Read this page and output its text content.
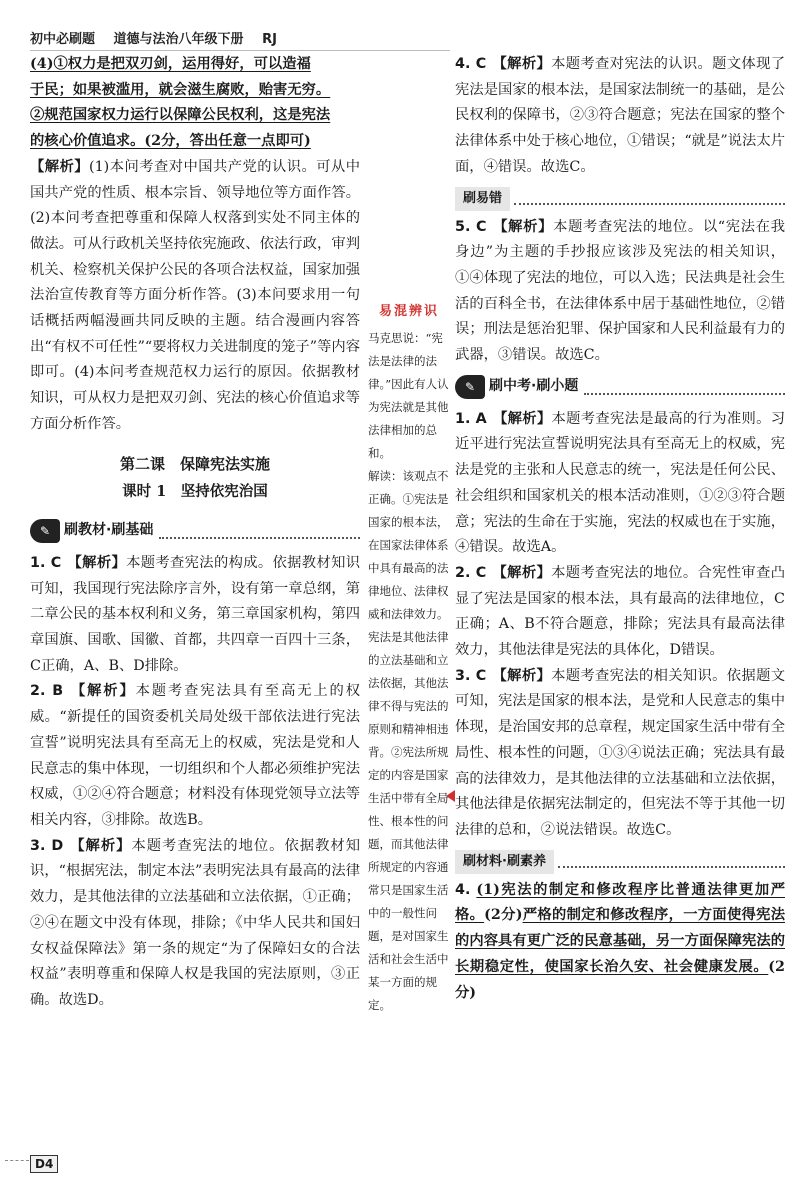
初中必刷题 道德与法治八年级下册 RJ

(4)①权力是把双刃剑，运用得好，可以造福

于民；如果被滥用，就会滋生腐败，贻害无穷。

②规范国家权力运行以保障公民权利，这是宪法

的核心价值追求。(2分，答出任意一点即可)

【解析】(1)本问考查对中国共产党的认识。可从中国共产党的性质、根本宗旨、领导地位等方面作答。(2)本问考查把尊重和保障人权落到实处不同主体的做法。可从行政机关坚持依宪施政、依法行政，审判机关、检察机关保护公民的各项合法权益，国家加强法治宣传教育等方面分析作答。(3)本问要求用一句话概括两幅漫画共同反映的主题。结合漫画内容答出“有权不可任性”“要将权力关进制度的笼子”等内容即可。(4)本问考查规范权力运行的原因。依据教材知识，可从权力是把双刃剑、宪法的核心价值追求等方面分析作答。

第二课　保障宪法实施
课时 1　坚持依宪治国
✎ 刷教材·刷基础

1. C 【解析】本题考查宪法的构成。依据教材知识可知，我国现行宪法除序言外，设有第一章总纲，第二章公民的基本权利和义务，第三章国家机构，第四章国旗、国歌、国徽、首都，共四章一百四十三条，C正确，A、B、D排除。

2. B 【解析】本题考查宪法具有至高无上的权威。“新提任的国资委机关局处级干部依法进行宪法宣誓”说明宪法具有至高无上的权威，宪法是党和人民意志的集中体现，一切组织和个人都必须维护宪法权威，①②④符合题意；材料没有体现党领导立法等相关内容，③排除。故选B。

3. D 【解析】本题考查宪法的地位。依据教材知识，“根据宪法，制定本法”表明宪法具有最高的法律效力，是其他法律的立法基础和立法依据，①正确；②④在题文中没有体现，排除；《中华人民共和国妇女权益保障法》第一条的规定“为了保障妇女的合法权益”表明尊重和保障人权是我国的宪法原则，③正确。故选D。

易混辨识

马克思说：“宪法是法律的法律。”因此有人认为宪法就是其他法律相加的总和。

解读：该观点不正确。①宪法是国家的根本法，在国家法律体系中具有最高的法律地位、法律权威和法律效力。宪法是其他法律的立法基础和立法依据，其他法律不得与宪法的原则和精神相违背。②宪法所规定的内容是国家生活中带有全局性、根本性的问题，而其他法律所规定的内容通常只是国家生活中的一般性问题，是对国家生活和社会生活中某一方面的规定。

4. C 【解析】本题考查对宪法的认识。题文体现了宪法是国家的根本法，是国家法制统一的基础，是公民权利的保障书，②③符合题意；宪法在国家的整个法律体系中处于核心地位，①错误；“就是”说法太片面，④错误。故选C。

刷易错

5. C 【解析】本题考查宪法的地位。以“宪法在我身边”为主题的手抄报应该涉及宪法的相关知识，①④体现了宪法的地位，可以入选；民法典是社会生活的百科全书，在法律体系中居于基础性地位，②错误；刑法是惩治犯罪、保护国家和人民利益最有力的武器，③错误。故选C。

✎ 刷中考·刷小题

1. A 【解析】本题考查宪法是最高的行为准则。习近平进行宪法宣誓说明宪法具有至高无上的权威，宪法是党的主张和人民意志的统一，宪法是任何公民、社会组织和国家机关的根本活动准则，①②③符合题意；宪法的生命在于实施，宪法的权威也在于实施，④错误。故选A。

2. C 【解析】本题考查宪法的地位。合宪性审查凸显了宪法是国家的根本法，具有最高的法律地位，C正确；A、B不符合题意，排除；宪法具有最高法律效力，其他法律是宪法的具体化，D错误。

3. C 【解析】本题考查宪法的相关知识。依据题文可知，宪法是国家的根本法，是党和人民意志的集中体现，是治国安邦的总章程，规定国家生活中带有全局性、根本性的问题，①③④说法正确；宪法具有最高的法律效力，是其他法律的立法基础和立法依据，其他法律是依据宪法制定的，但宪法不等于其他一切法律的总和，②说法错误。故选C。

刷材料·刷素养

4. (1)宪法的制定和修改程序比普通法律更加严格。(2分)严格的制定和修改程序，一方面使得宪法的内容具有更广泛的民意基础，另一方面保障宪法的长期稳定性，使国家长治久安、社会健康发展。(2分)

D4
